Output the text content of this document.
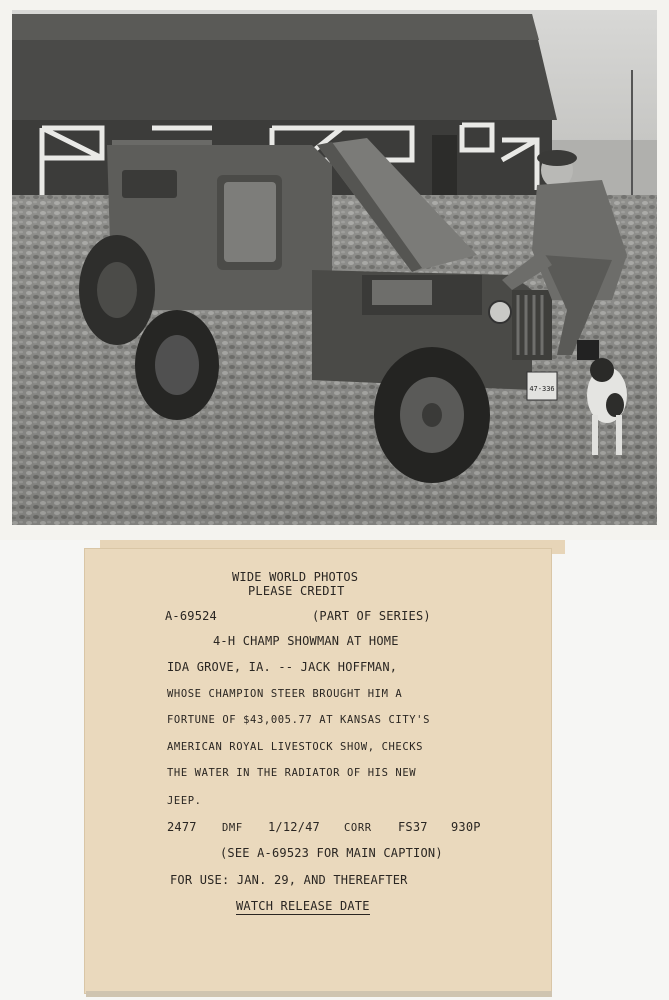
47-336
WIDE WORLD PHOTOS
PLEASE CREDIT
A-69524	(PART OF SERIES)
4-H CHAMP SHOWMAN AT HOME
IDA GROVE, IA. -- JACK HOFFMAN,
WHOSE CHAMPION STEER BROUGHT HIM A
FORTUNE OF $43,005.77 AT KANSAS CITY'S
AMERICAN ROYAL LIVESTOCK SHOW, CHECKS
THE WATER IN THE RADIATOR OF HIS NEW
JEEP.
2477 DMF 1/12/47 CORR FS37 930P
(SEE A-69523 FOR MAIN CAPTION)
FOR USE: JAN. 29, AND THEREAFTER
WATCH RELEASE DATE
